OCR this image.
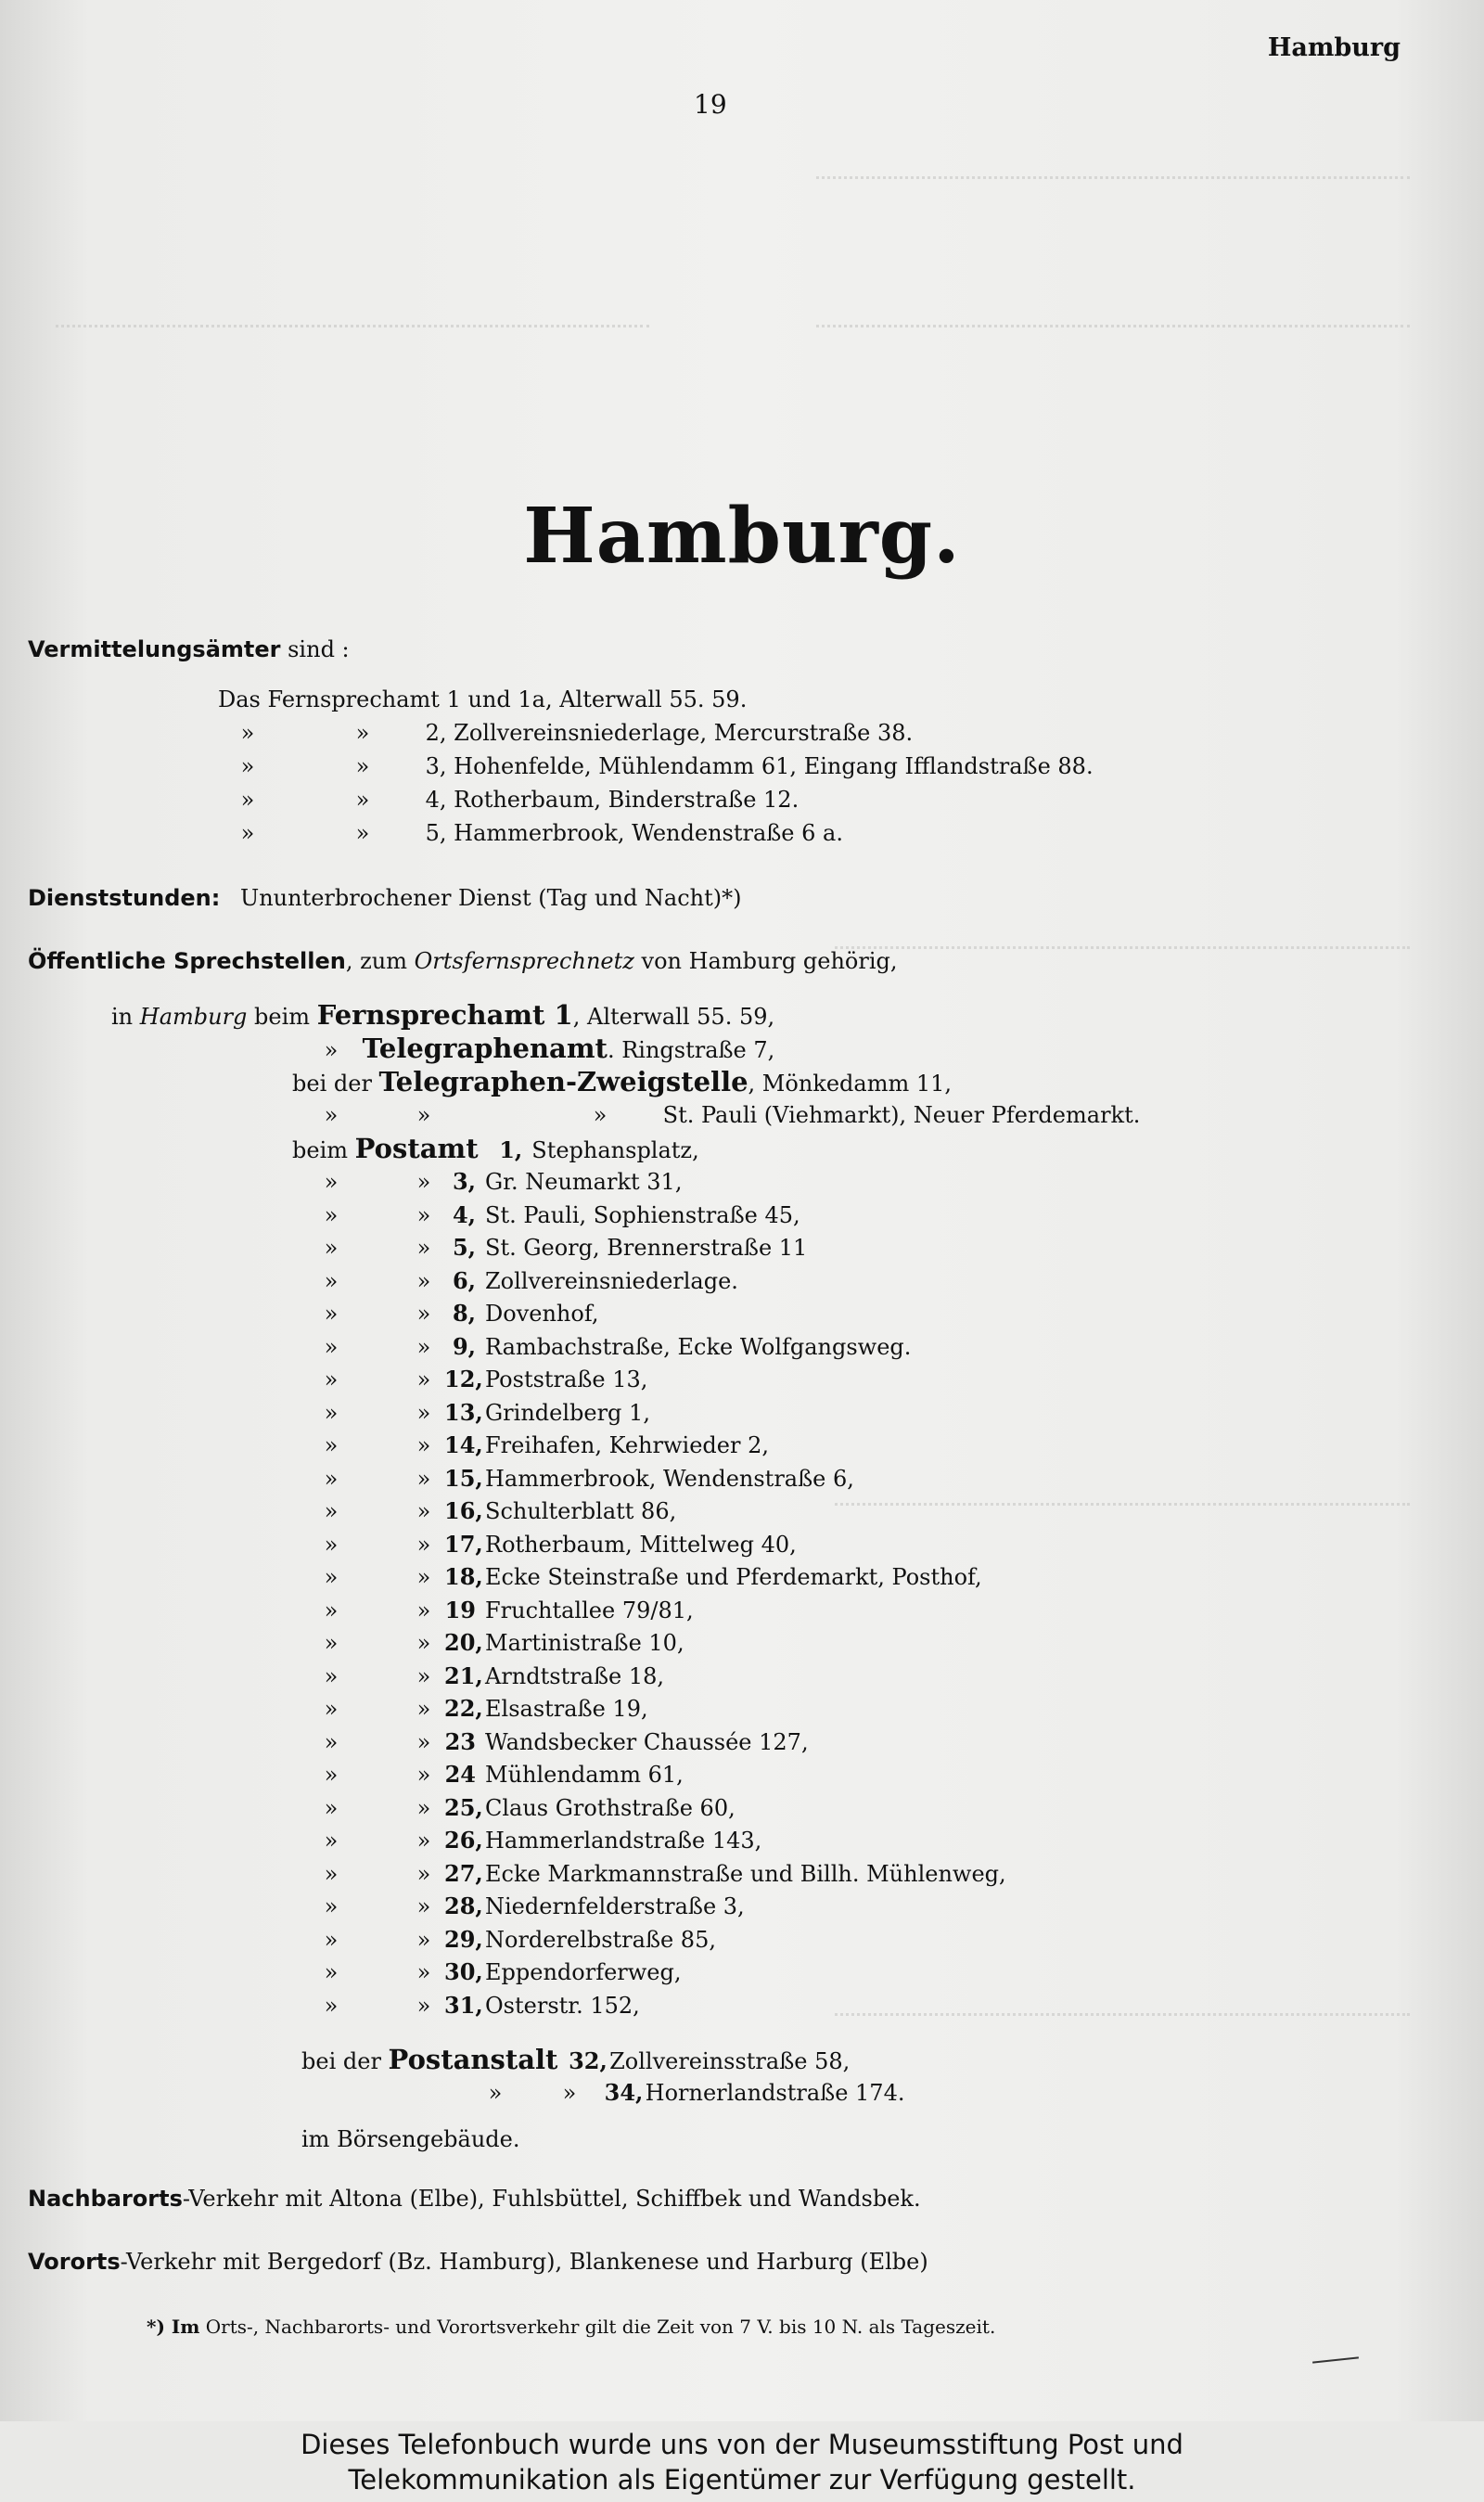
Hamburg
19
Hamburg.
Vermittelungsämter sind :
Das Fernsprechamt 1 und 1a, Alterwall 55. 59.
»	»	2, Zollvereinsniederlage, Mercurstraße 38.
»	»	3, Hohenfelde, Mühlendamm 61, Eingang Ifflandstraße 88.
»	»	4, Rotherbaum, Binderstraße 12.
»	»	5, Hammerbrook, Wendenstraße 6 a.
Dienststunden: Ununterbrochener Dienst (Tag und Nacht)*)
Öffentliche Sprechstellen, zum Ortsfernsprechnetz von Hamburg gehörig,
in Hamburg beim Fernsprechamt 1, Alterwall 55. 59,
» Telegraphenamt. Ringstraße 7,
bei der Telegraphen-Zweigstelle, Mönkedamm 11,
»	»	»	St. Pauli (Viehmarkt), Neuer Pferdemarkt.
beim Postamt 1, Stephansplatz,
»	» 3, Gr. Neumarkt 31,
»	» 4, St. Pauli, Sophienstraße 45,
»	» 5, St. Georg, Brennerstraße 11
»	» 6, Zollvereinsniederlage.
»	» 8, Dovenhof,
»	» 9, Rambachstraße, Ecke Wolfgangsweg.
»	» 12,Poststraße 13,
»	» 13,Grindelberg 1,
»	» 14,Freihafen, Kehrwieder 2,
»	» 15,Hammerbrook, Wendenstraße 6,
»	» 16,Schulterblatt 86,
»	» 17,Rotherbaum, Mittelweg 40,
»	» 18,Ecke Steinstraße und Pferdemarkt, Posthof,
»	» 19 Fruchtallee 79/81,
»	» 20,Martinistraße 10,
»	» 21,Arndtstraße 18,
»	» 22,Elsastraße 19,
»	» 23 Wandsbecker Chaussée 127,
»	» 24 Mühlendamm 61,
»	» 25,Claus Grothstraße 60,
»	» 26,Hammerlandstraße 143,
»	» 27,Ecke Markmannstraße und Billh. Mühlenweg,
»	» 28,Niedernfelderstraße 3,
»	» 29,Norderelbstraße 85,
»	» 30,Eppendorferweg,
»	» 31,Osterstr. 152,
bei der Postanstalt 32,Zollvereinsstraße 58,
»	» 34,Hornerlandstraße 174.
im Börsengebäude.
Nachbarorts-Verkehr mit Altona (Elbe), Fuhlsbüttel, Schiffbek und Wandsbek.
Vororts-Verkehr mit Bergedorf (Bz. Hamburg), Blankenese und Harburg (Elbe)
*) Im Orts-, Nachbarorts- und Vorortsverkehr gilt die Zeit von 7 V. bis 10 N. als Tageszeit.
Dieses Telefonbuch wurde uns von der Museumsstiftung Post und
Telekommunikation als Eigentümer zur Verfügung gestellt.
